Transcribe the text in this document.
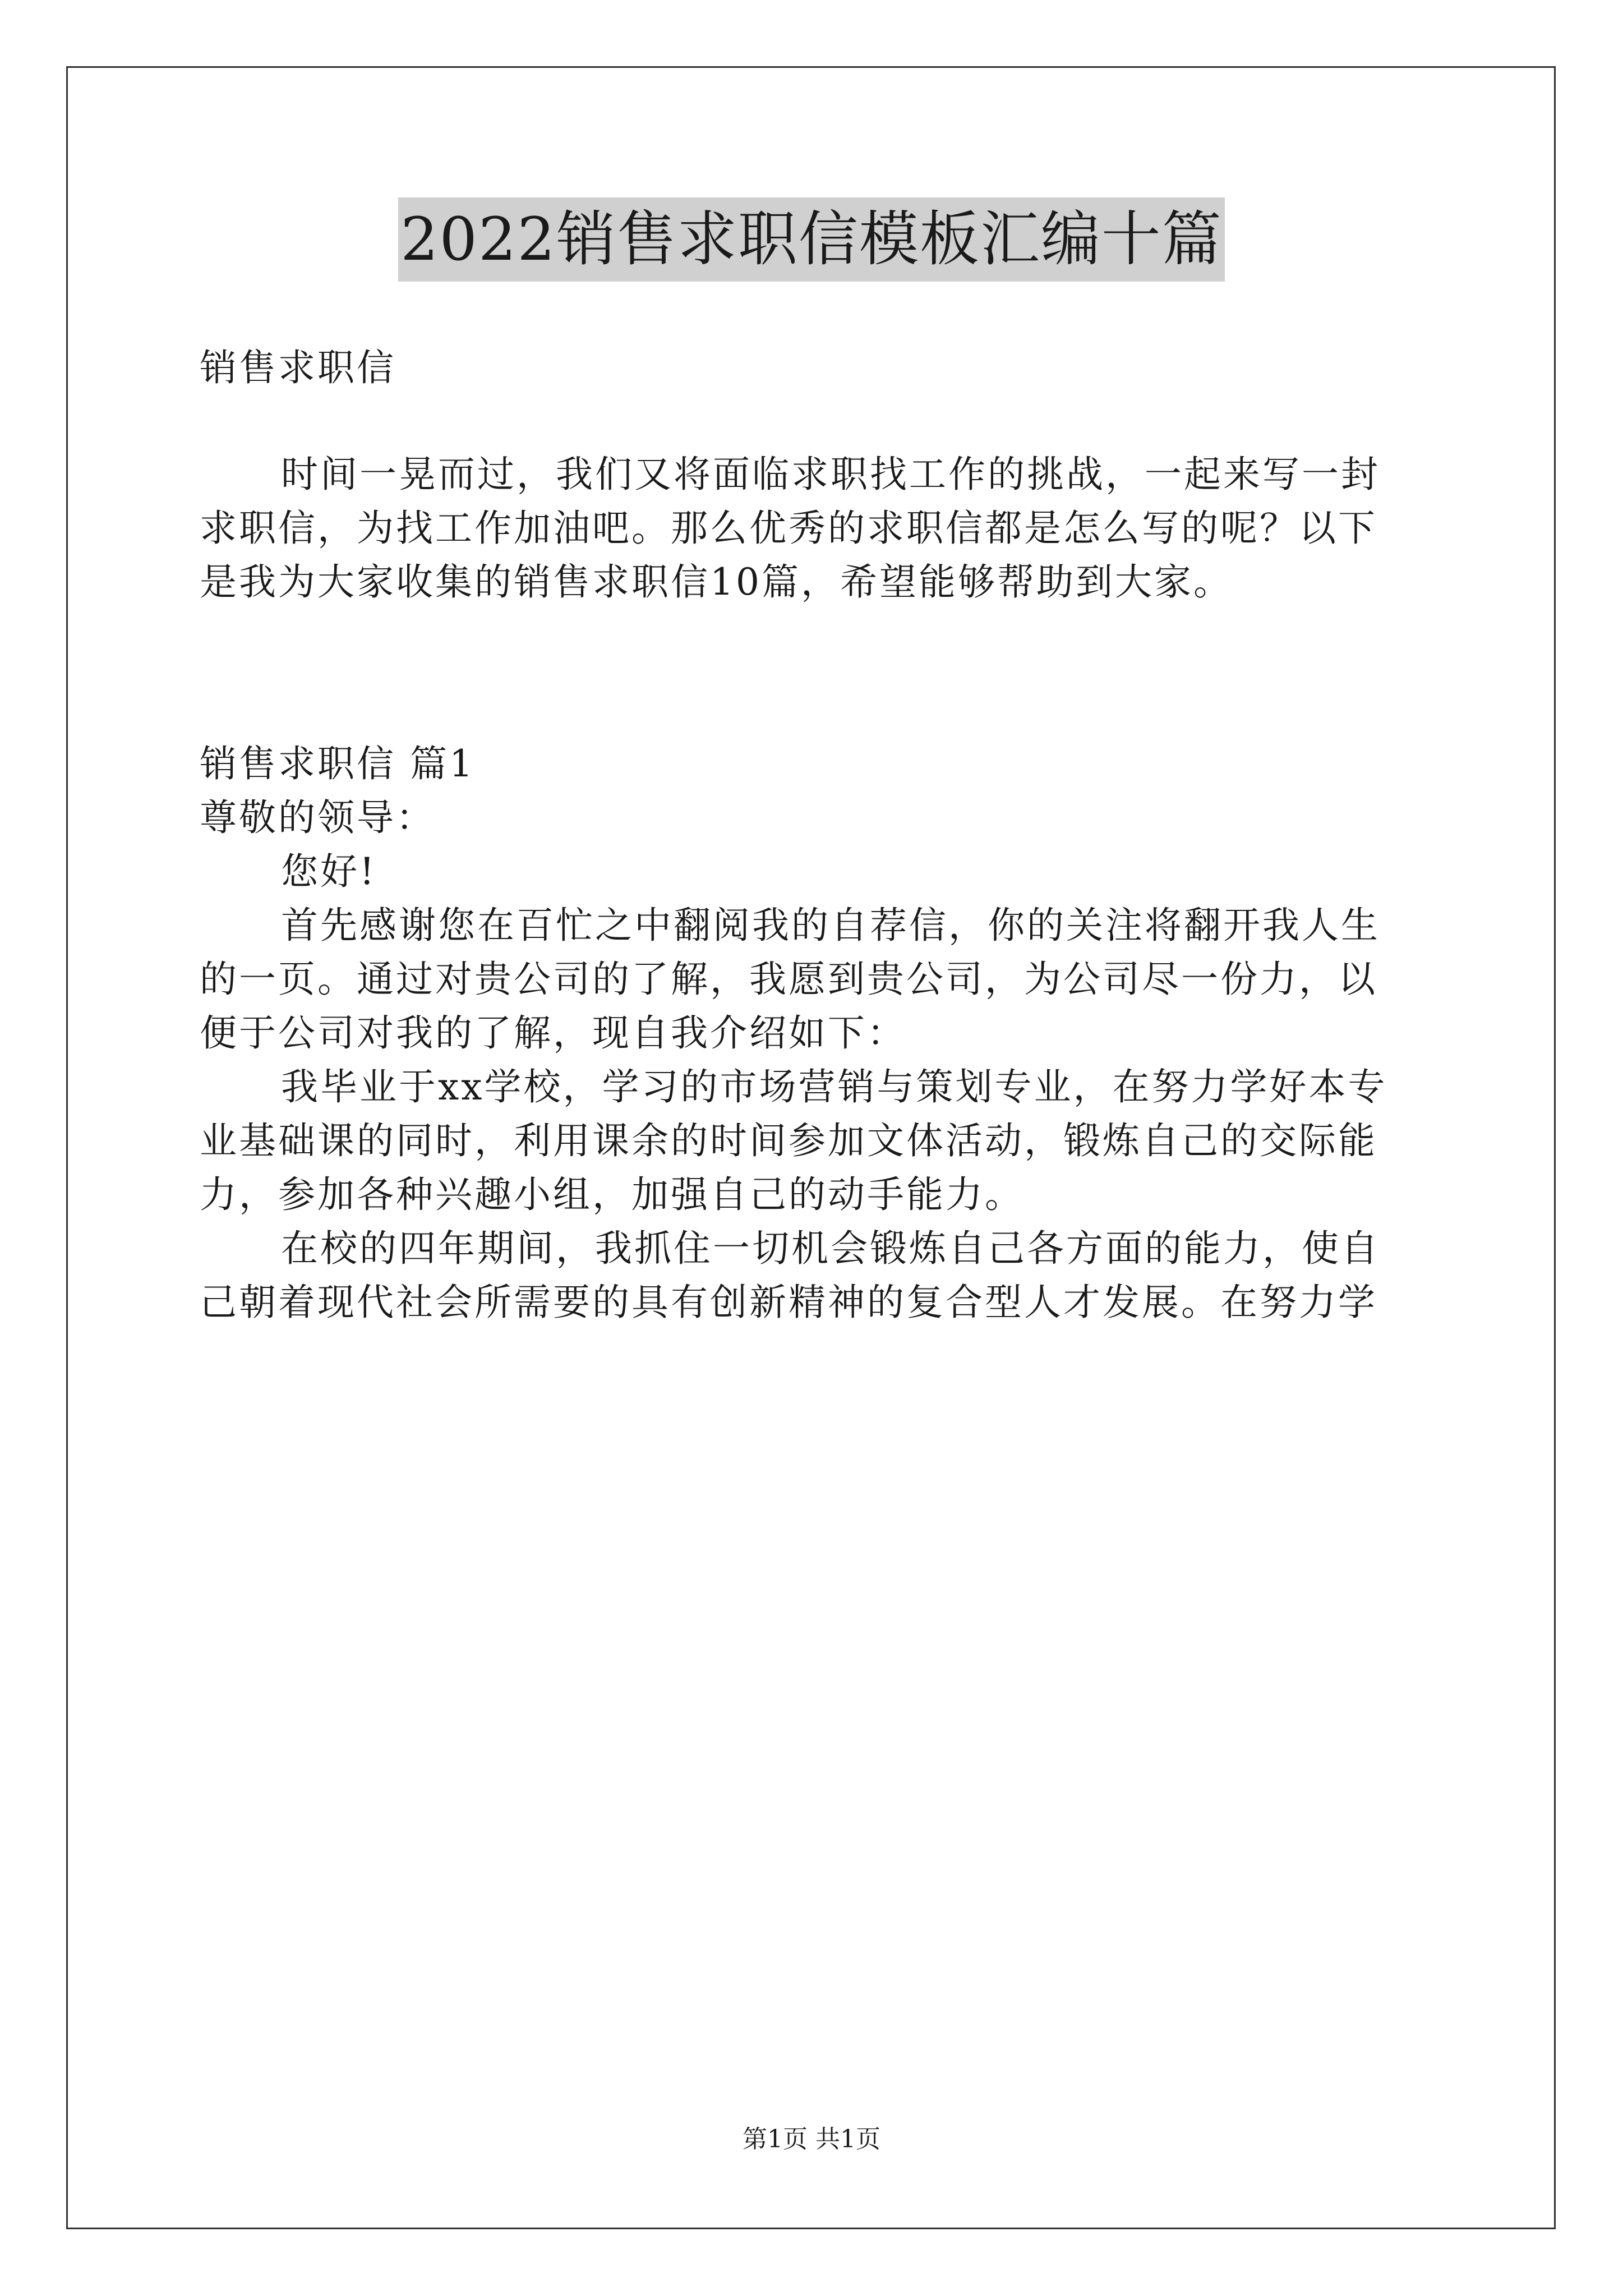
2022销售求职信模板汇编十篇
销售求职信
时间一晃而过，我们又将面临求职找工作的挑战，一起来写一封
求职信，为找工作加油吧。那么优秀的求职信都是怎么写的呢？以下
是我为大家收集的销售求职信10篇，希望能够帮助到大家。
销售求职信 篇1
尊敬的领导：
您好!
首先感谢您在百忙之中翻阅我的自荐信，你的关注将翻开我人生
的一页。通过对贵公司的了解，我愿到贵公司，为公司尽一份力，以
便于公司对我的了解，现自我介绍如下：
我毕业于xx学校，学习的市场营销与策划专业，在努力学好本专
业基础课的同时，利用课余的时间参加文体活动，锻炼自己的交际能
力，参加各种兴趣小组，加强自己的动手能力。
在校的四年期间，我抓住一切机会锻炼自己各方面的能力，使自
己朝着现代社会所需要的具有创新精神的复合型人才发展。在努力学
第1页 共1页
